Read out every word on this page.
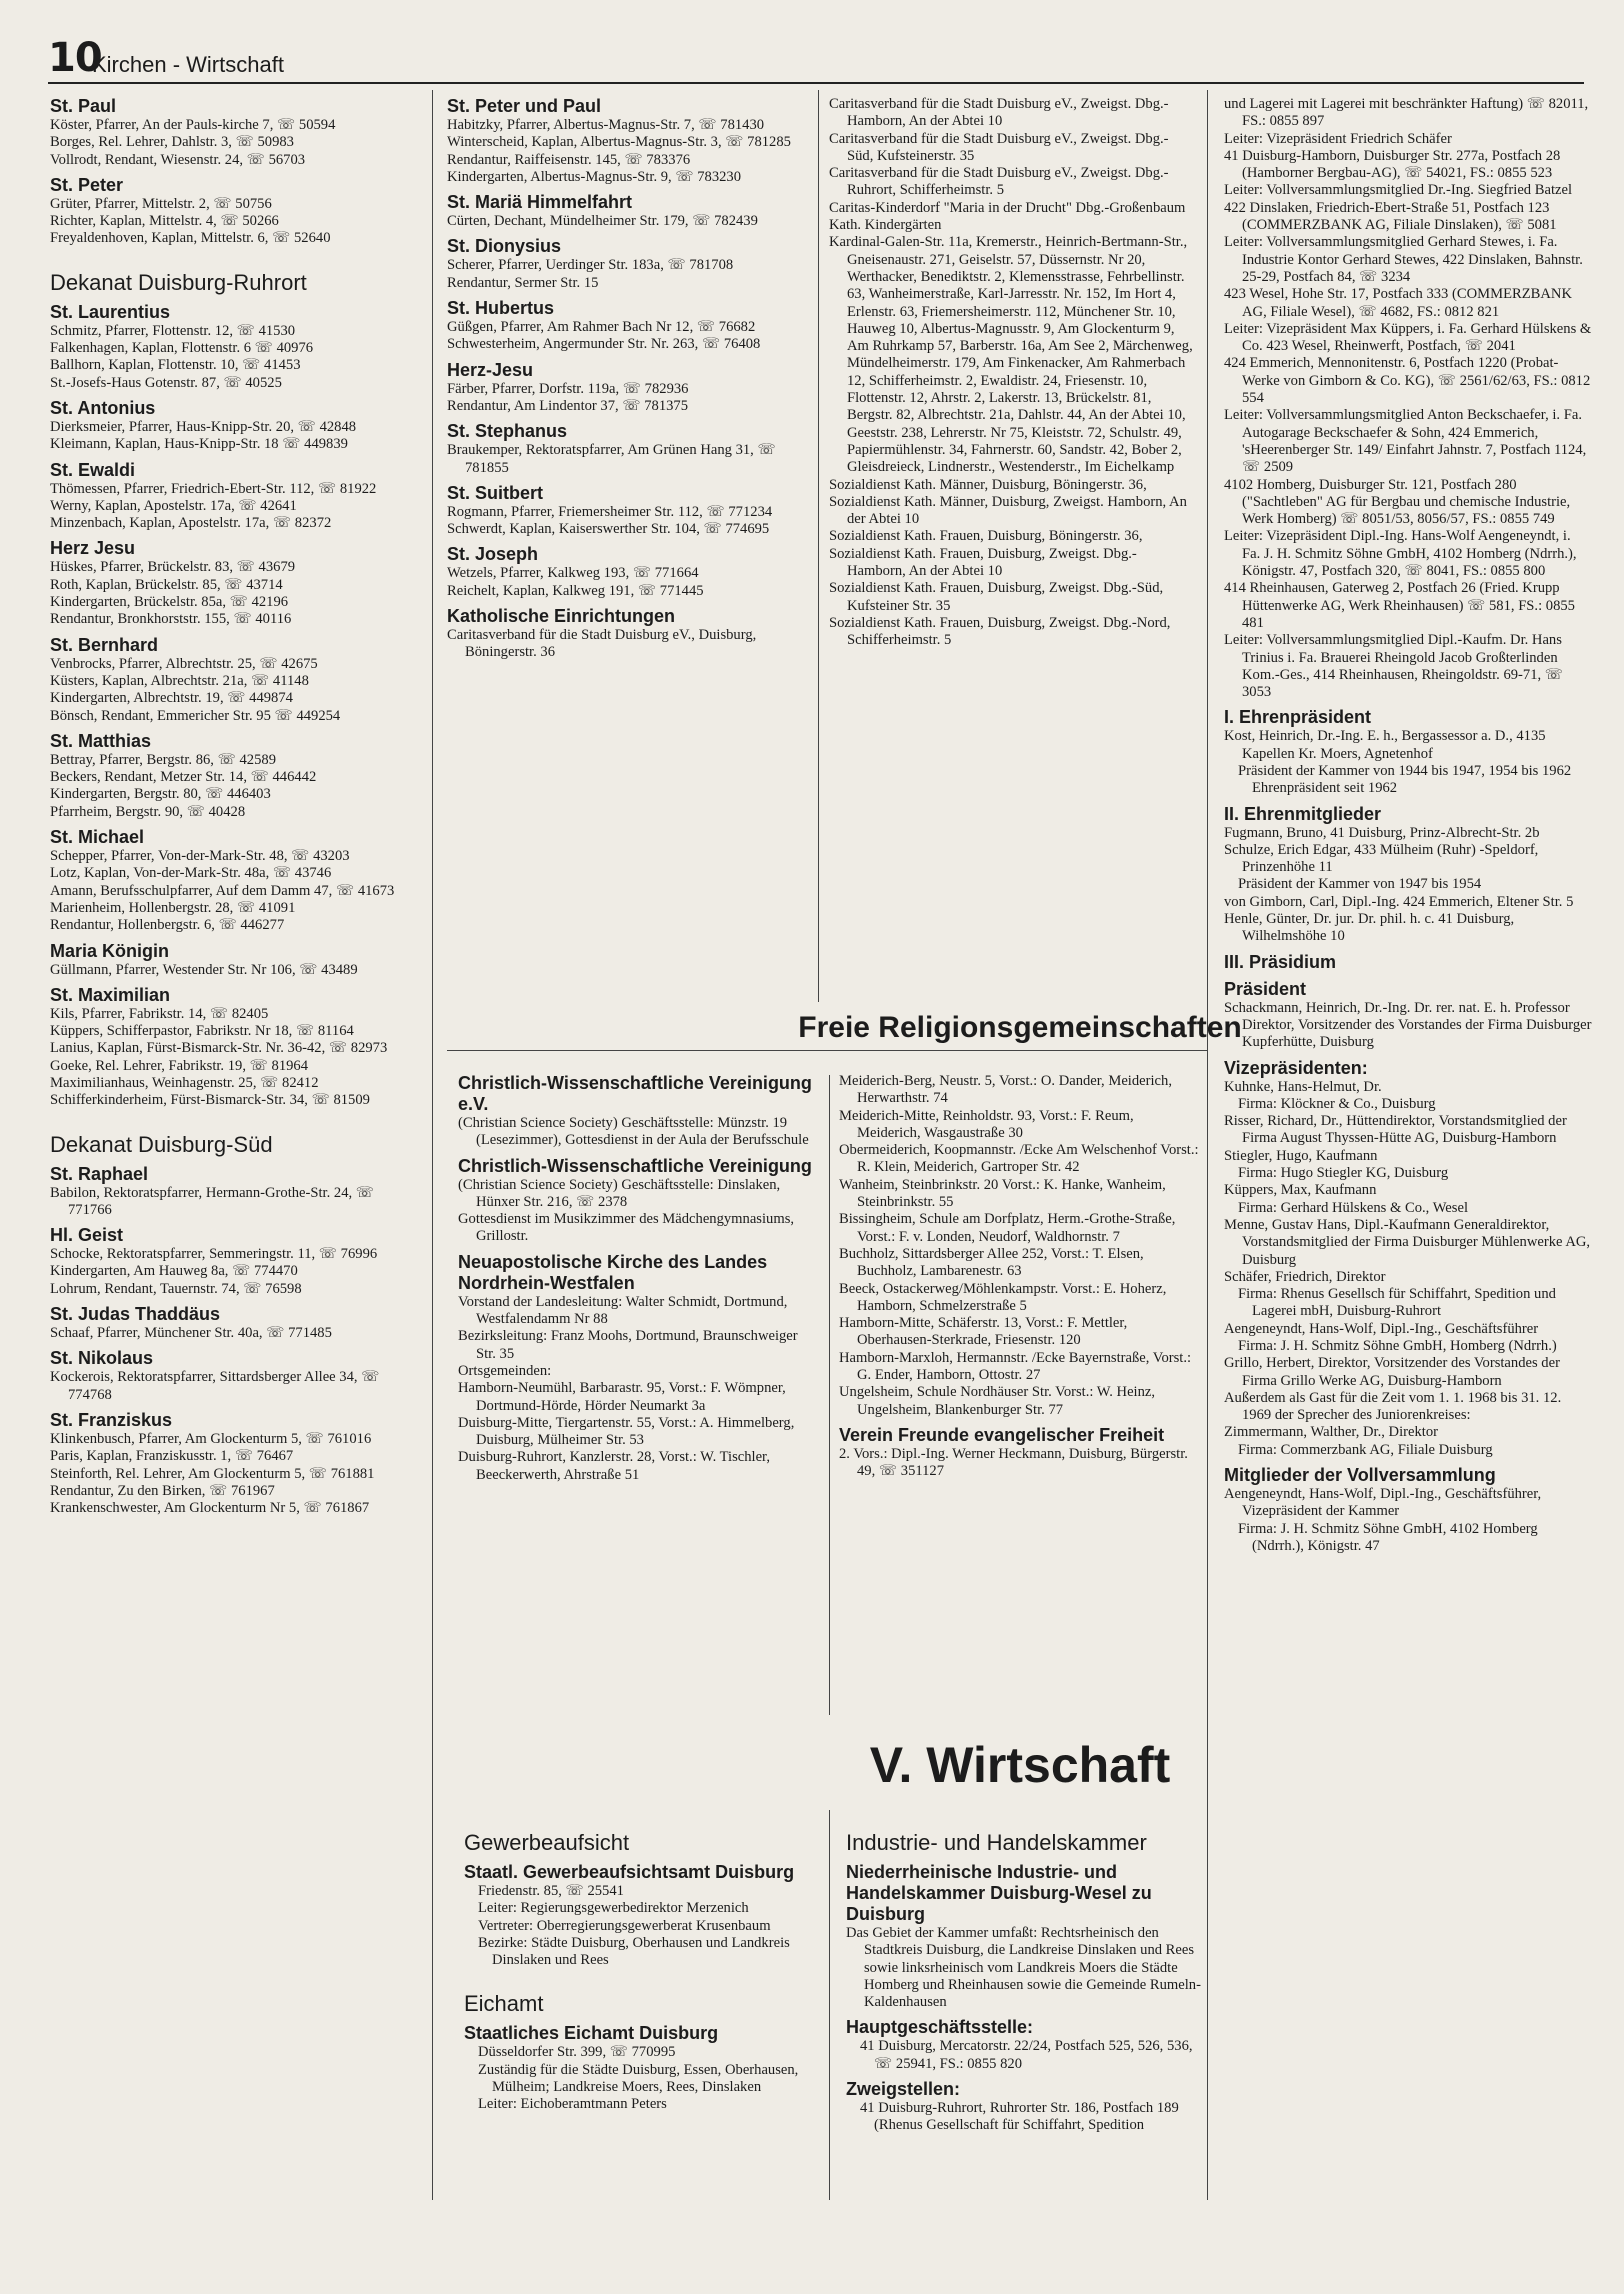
10
Kirchen - Wirtschaft
St. Paul
Köster, Pfarrer, An der Pauls-kirche 7, ☏ 50594
Borges, Rel. Lehrer, Dahlstr. 3, ☏ 50983
Vollrodt, Rendant, Wiesenstr. 24, ☏ 56703
St. Peter
Grüter, Pfarrer, Mittelstr. 2, ☏ 50756
Richter, Kaplan, Mittelstr. 4, ☏ 50266
Freyaldenhoven, Kaplan, Mittelstr. 6, ☏ 52640
Dekanat Duisburg-Ruhrort
St. Laurentius
Schmitz, Pfarrer, Flottenstr. 12, ☏ 41530
Falkenhagen, Kaplan, Flottenstr. 6 ☏ 40976
Ballhorn, Kaplan, Flottenstr. 10, ☏ 41453
St.-Josefs-Haus Gotenstr. 87, ☏ 40525
St. Antonius
Dierksmeier, Pfarrer, Haus-Knipp-Str. 20, ☏ 42848
Kleimann, Kaplan, Haus-Knipp-Str. 18 ☏ 449839
St. Ewaldi
Thömessen, Pfarrer, Friedrich-Ebert-Str. 112, ☏ 81922
Werny, Kaplan, Apostelstr. 17a, ☏ 42641
Minzenbach, Kaplan, Apostelstr. 17a, ☏ 82372
Herz Jesu
Hüskes, Pfarrer, Brückelstr. 83, ☏ 43679
Roth, Kaplan, Brückelstr. 85, ☏ 43714
Kindergarten, Brückelstr. 85a, ☏ 42196
Rendantur, Bronkhorststr. 155, ☏ 40116
St. Bernhard
Venbrocks, Pfarrer, Albrechtstr. 25, ☏ 42675
Küsters, Kaplan, Albrechtstr. 21a, ☏ 41148
Kindergarten, Albrechtstr. 19, ☏ 449874
Bönsch, Rendant, Emmericher Str. 95 ☏ 449254
St. Matthias
Bettray, Pfarrer, Bergstr. 86, ☏ 42589
Beckers, Rendant, Metzer Str. 14, ☏ 446442
Kindergarten, Bergstr. 80, ☏ 446403
Pfarrheim, Bergstr. 90, ☏ 40428
St. Michael
Schepper, Pfarrer, Von-der-Mark-Str. 48, ☏ 43203
Lotz, Kaplan, Von-der-Mark-Str. 48a, ☏ 43746
Amann, Berufsschulpfarrer, Auf dem Damm 47, ☏ 41673
Marienheim, Hollenbergstr. 28, ☏ 41091
Rendantur, Hollenbergstr. 6, ☏ 446277
Maria Königin
Güllmann, Pfarrer, Westender Str. Nr 106, ☏ 43489
St. Maximilian
Kils, Pfarrer, Fabrikstr. 14, ☏ 82405
Küppers, Schifferpastor, Fabrikstr. Nr 18, ☏ 81164
Lanius, Kaplan, Fürst-Bismarck-Str. Nr. 36-42, ☏ 82973
Goeke, Rel. Lehrer, Fabrikstr. 19, ☏ 81964
Maximilianhaus, Weinhagenstr. 25, ☏ 82412
Schifferkinderheim, Fürst-Bismarck-Str. 34, ☏ 81509
Dekanat Duisburg-Süd
St. Raphael
Babilon, Rektoratspfarrer, Hermann-Grothe-Str. 24, ☏ 771766
Hl. Geist
Schocke, Rektoratspfarrer, Semmeringstr. 11, ☏ 76996
Kindergarten, Am Hauweg 8a, ☏ 774470
Lohrum, Rendant, Tauernstr. 74, ☏ 76598
St. Judas Thaddäus
Schaaf, Pfarrer, Münchener Str. 40a, ☏ 771485
St. Nikolaus
Kockerois, Rektoratspfarrer, Sittardsberger Allee 34, ☏ 774768
St. Franziskus
Klinkenbusch, Pfarrer, Am Glockenturm 5, ☏ 761016
Paris, Kaplan, Franziskusstr. 1, ☏ 76467
Steinforth, Rel. Lehrer, Am Glockenturm 5, ☏ 761881
Rendantur, Zu den Birken, ☏ 761967
Krankenschwester, Am Glockenturm Nr 5, ☏ 761867
St. Peter und Paul
Habitzky, Pfarrer, Albertus-Magnus-Str. 7, ☏ 781430
Winterscheid, Kaplan, Albertus-Magnus-Str. 3, ☏ 781285
Rendantur, Raiffeisenstr. 145, ☏ 783376
Kindergarten, Albertus-Magnus-Str. 9, ☏ 783230
St. Mariä Himmelfahrt
Cürten, Dechant, Mündelheimer Str. 179, ☏ 782439
St. Dionysius
Scherer, Pfarrer, Uerdinger Str. 183a, ☏ 781708
Rendantur, Sermer Str. 15
St. Hubertus
Güßgen, Pfarrer, Am Rahmer Bach Nr 12, ☏ 76682
Schwesterheim, Angermunder Str. Nr. 263, ☏ 76408
Herz-Jesu
Färber, Pfarrer, Dorfstr. 119a, ☏ 782936
Rendantur, Am Lindentor 37, ☏ 781375
St. Stephanus
Braukemper, Rektoratspfarrer, Am Grünen Hang 31, ☏ 781855
St. Suitbert
Rogmann, Pfarrer, Friemersheimer Str. 112, ☏ 771234
Schwerdt, Kaplan, Kaiserswerther Str. 104, ☏ 774695
St. Joseph
Wetzels, Pfarrer, Kalkweg 193, ☏ 771664
Reichelt, Kaplan, Kalkweg 191, ☏ 771445
Katholische Einrichtungen
Caritasverband für die Stadt Duisburg eV., Duisburg, Böningerstr. 36
Caritasverband für die Stadt Duisburg eV., Zweigst. Dbg.-Hamborn, An der Abtei 10
Caritasverband für die Stadt Duisburg eV., Zweigst. Dbg.-Süd, Kufsteinerstr. 35
Caritasverband für die Stadt Duisburg eV., Zweigst. Dbg.-Ruhrort, Schifferheimstr. 5
Caritas-Kinderdorf "Maria in der Drucht" Dbg.-Großenbaum
Kath. Kindergärten
Kardinal-Galen-Str. 11a, Kremerstr., Heinrich-Bertmann-Str., Gneisenaustr. 271, Geiselstr. 57, Düssernstr. Nr 20, Werthacker, Benediktstr. 2, Klemensstrasse, Fehrbellinstr. 63, Wanheimerstraße, Karl-Jarresstr. Nr. 152, Im Hort 4, Erlenstr. 63, Friemersheimerstr. 112, Münchener Str. 10, Hauweg 10, Albertus-Magnusstr. 9, Am Glockenturm 9, Am Ruhrkamp 57, Barberstr. 16a, Am See 2, Märchenweg, Mündelheimerstr. 179, Am Finkenacker, Am Rahmerbach 12, Schifferheimstr. 2, Ewaldistr. 24, Friesenstr. 10, Flottenstr. 12, Ahrstr. 2, Lakerstr. 13, Brückelstr. 81, Bergstr. 82, Albrechtstr. 21a, Dahlstr. 44, An der Abtei 10, Geeststr. 238, Lehrerstr. Nr 75, Kleiststr. 72, Schulstr. 49, Papiermühlenstr. 34, Fahrnerstr. 60, Sandstr. 42, Bober 2, Gleisdreieck, Lindnerstr., Westenderstr., Im Eichelkamp
Sozialdienst Kath. Männer, Duisburg, Böningerstr. 36,
Sozialdienst Kath. Männer, Duisburg, Zweigst. Hamborn, An der Abtei 10
Sozialdienst Kath. Frauen, Duisburg, Böningerstr. 36,
Sozialdienst Kath. Frauen, Duisburg, Zweigst. Dbg.-Hamborn, An der Abtei 10
Sozialdienst Kath. Frauen, Duisburg, Zweigst. Dbg.-Süd, Kufsteiner Str. 35
Sozialdienst Kath. Frauen, Duisburg, Zweigst. Dbg.-Nord, Schifferheimstr. 5
und Lagerei mit Lagerei mit beschränkter Haftung) ☏ 82011, FS.: 0855 897
Leiter: Vizepräsident Friedrich Schäfer
41 Duisburg-Hamborn, Duisburger Str. 277a, Postfach 28 (Hamborner Bergbau-AG), ☏ 54021, FS.: 0855 523
Leiter: Vollversammlungsmitglied Dr.-Ing. Siegfried Batzel
422 Dinslaken, Friedrich-Ebert-Straße 51, Postfach 123 (COMMERZBANK AG, Filiale Dinslaken), ☏ 5081
Leiter: Vollversammlungsmitglied Gerhard Stewes, i. Fa. Industrie Kontor Gerhard Stewes, 422 Dinslaken, Bahnstr. 25-29, Postfach 84, ☏ 3234
423 Wesel, Hohe Str. 17, Postfach 333 (COMMERZBANK AG, Filiale Wesel), ☏ 4682, FS.: 0812 821
Leiter: Vizepräsident Max Küppers, i. Fa. Gerhard Hülskens & Co. 423 Wesel, Rheinwerft, Postfach, ☏ 2041
424 Emmerich, Mennonitenstr. 6, Postfach 1220 (Probat-Werke von Gimborn & Co. KG), ☏ 2561/62/63, FS.: 0812 554
Leiter: Vollversammlungsmitglied Anton Beckschaefer, i. Fa. Autogarage Beckschaefer & Sohn, 424 Emmerich, 'sHeerenberger Str. 149/ Einfahrt Jahnstr. 7, Postfach 1124, ☏ 2509
4102 Homberg, Duisburger Str. 121, Postfach 280 ("Sachtleben" AG für Bergbau und chemische Industrie, Werk Homberg) ☏ 8051/53, 8056/57, FS.: 0855 749
Leiter: Vizepräsident Dipl.-Ing. Hans-Wolf Aengeneyndt, i. Fa. J. H. Schmitz Söhne GmbH, 4102 Homberg (Ndrrh.), Königstr. 47, Postfach 320, ☏ 8041, FS.: 0855 800
414 Rheinhausen, Gaterweg 2, Postfach 26 (Fried. Krupp Hüttenwerke AG, Werk Rheinhausen) ☏ 581, FS.: 0855 481
Leiter: Vollversammlungsmitglied Dipl.-Kaufm. Dr. Hans Trinius i. Fa. Brauerei Rheingold Jacob Großterlinden Kom.-Ges., 414 Rheinhausen, Rheingoldstr. 69-71, ☏ 3053
I. Ehrenpräsident
Kost, Heinrich, Dr.-Ing. E. h., Bergassessor a. D., 4135 Kapellen Kr. Moers, Agnetenhof
Präsident der Kammer von 1944 bis 1947, 1954 bis 1962 Ehrenpräsident seit 1962
II. Ehrenmitglieder
Fugmann, Bruno, 41 Duisburg, Prinz-Albrecht-Str. 2b
Schulze, Erich Edgar, 433 Mülheim (Ruhr) -Speldorf, Prinzenhöhe 11
Präsident der Kammer von 1947 bis 1954
von Gimborn, Carl, Dipl.-Ing. 424 Emmerich, Eltener Str. 5
Henle, Günter, Dr. jur. Dr. phil. h. c. 41 Duisburg, Wilhelmshöhe 10
III. Präsidium
Präsident
Schackmann, Heinrich, Dr.-Ing. Dr. rer. nat. E. h. Professor Direktor, Vorsitzender des Vorstandes der Firma Duisburger Kupferhütte, Duisburg
Vizepräsidenten:
Kuhnke, Hans-Helmut, Dr.
Firma: Klöckner & Co., Duisburg
Risser, Richard, Dr., Hüttendirektor, Vorstandsmitglied der Firma August Thyssen-Hütte AG, Duisburg-Hamborn
Stiegler, Hugo, Kaufmann
Firma: Hugo Stiegler KG, Duisburg
Küppers, Max, Kaufmann
Firma: Gerhard Hülskens & Co., Wesel
Menne, Gustav Hans, Dipl.-Kaufmann Generaldirektor, Vorstandsmitglied der Firma Duisburger Mühlenwerke AG, Duisburg
Schäfer, Friedrich, Direktor
Firma: Rhenus Gesellsch für Schiffahrt, Spedition und Lagerei mbH, Duisburg-Ruhrort
Aengeneyndt, Hans-Wolf, Dipl.-Ing., Geschäftsführer
Firma: J. H. Schmitz Söhne GmbH, Homberg (Ndrrh.)
Grillo, Herbert, Direktor, Vorsitzender des Vorstandes der Firma Grillo Werke AG, Duisburg-Hamborn
Außerdem als Gast für die Zeit vom 1. 1. 1968 bis 31. 12. 1969 der Sprecher des Juniorenkreises:
Zimmermann, Walther, Dr., Direktor
Firma: Commerzbank AG, Filiale Duisburg
Mitglieder der Vollversammlung
Aengeneyndt, Hans-Wolf, Dipl.-Ing., Geschäftsführer, Vizepräsident der Kammer
Firma: J. H. Schmitz Söhne GmbH, 4102 Homberg (Ndrrh.), Königstr. 47
Freie Religionsgemeinschaften
Christlich-Wissenschaftliche Vereinigung e.V.
(Christian Science Society) Geschäftsstelle: Münzstr. 19 (Lesezimmer), Gottesdienst in der Aula der Berufsschule
Christlich-Wissenschaftliche Vereinigung
(Christian Science Society) Geschäftsstelle: Dinslaken, Hünxer Str. 216, ☏ 2378
Gottesdienst im Musikzimmer des Mädchengymnasiums, Grillostr.
Neuapostolische Kirche des Landes Nordrhein-Westfalen
Vorstand der Landesleitung: Walter Schmidt, Dortmund, Westfalendamm Nr 88
Bezirksleitung: Franz Moohs, Dortmund, Braunschweiger Str. 35
Ortsgemeinden:
Hamborn-Neumühl, Barbarastr. 95, Vorst.: F. Wömpner, Dortmund-Hörde, Hörder Neumarkt 3a
Duisburg-Mitte, Tiergartenstr. 55, Vorst.: A. Himmelberg, Duisburg, Mülheimer Str. 53
Duisburg-Ruhrort, Kanzlerstr. 28, Vorst.: W. Tischler, Beeckerwerth, Ahrstraße 51
Meiderich-Berg, Neustr. 5, Vorst.: O. Dander, Meiderich, Herwarthstr. 74
Meiderich-Mitte, Reinholdstr. 93, Vorst.: F. Reum, Meiderich, Wasgaustraße 30
Obermeiderich, Koopmannstr. /Ecke Am Welschenhof Vorst.: R. Klein, Meiderich, Gartroper Str. 42
Wanheim, Steinbrinkstr. 20 Vorst.: K. Hanke, Wanheim, Steinbrinkstr. 55
Bissingheim, Schule am Dorfplatz, Herm.-Grothe-Straße, Vorst.: F. v. Londen, Neudorf, Waldhornstr. 7
Buchholz, Sittardsberger Allee 252, Vorst.: T. Elsen, Buchholz, Lambarenestr. 63
Beeck, Ostackerweg/Möhlenkampstr. Vorst.: E. Hoherz, Hamborn, Schmelzerstraße 5
Hamborn-Mitte, Schäferstr. 13, Vorst.: F. Mettler, Oberhausen-Sterkrade, Friesenstr. 120
Hamborn-Marxloh, Hermannstr. /Ecke Bayernstraße, Vorst.: G. Ender, Hamborn, Ottostr. 27
Ungelsheim, Schule Nordhäuser Str. Vorst.: W. Heinz, Ungelsheim, Blankenburger Str. 77
Verein Freunde evangelischer Freiheit
2. Vors.: Dipl.-Ing. Werner Heckmann, Duisburg, Bürgerstr. 49, ☏ 351127
V. Wirtschaft
Gewerbeaufsicht
Staatl. Gewerbeaufsichtsamt Duisburg
Friedenstr. 85, ☏ 25541
Leiter: Regierungsgewerbedirektor Merzenich
Vertreter: Oberregierungsgewerberat Krusenbaum
Bezirke: Städte Duisburg, Oberhausen und Landkreis Dinslaken und Rees
Eichamt
Staatliches Eichamt Duisburg
Düsseldorfer Str. 399, ☏ 770995
Zuständig für die Städte Duisburg, Essen, Oberhausen, Mülheim; Landkreise Moers, Rees, Dinslaken
Leiter: Eichoberamtmann Peters
Industrie- und Handelskammer
Niederrheinische Industrie- und Handelskammer Duisburg-Wesel zu Duisburg
Das Gebiet der Kammer umfaßt: Rechtsrheinisch den Stadtkreis Duisburg, die Landkreise Dinslaken und Rees sowie linksrheinisch vom Landkreis Moers die Städte Homberg und Rheinhausen sowie die Gemeinde Rumeln-Kaldenhausen
Hauptgeschäftsstelle:
41 Duisburg, Mercatorstr. 22/24, Postfach 525, 526, 536, ☏ 25941, FS.: 0855 820
Zweigstellen:
41 Duisburg-Ruhrort, Ruhrorter Str. 186, Postfach 189 (Rhenus Gesellschaft für Schiffahrt, Spedition
